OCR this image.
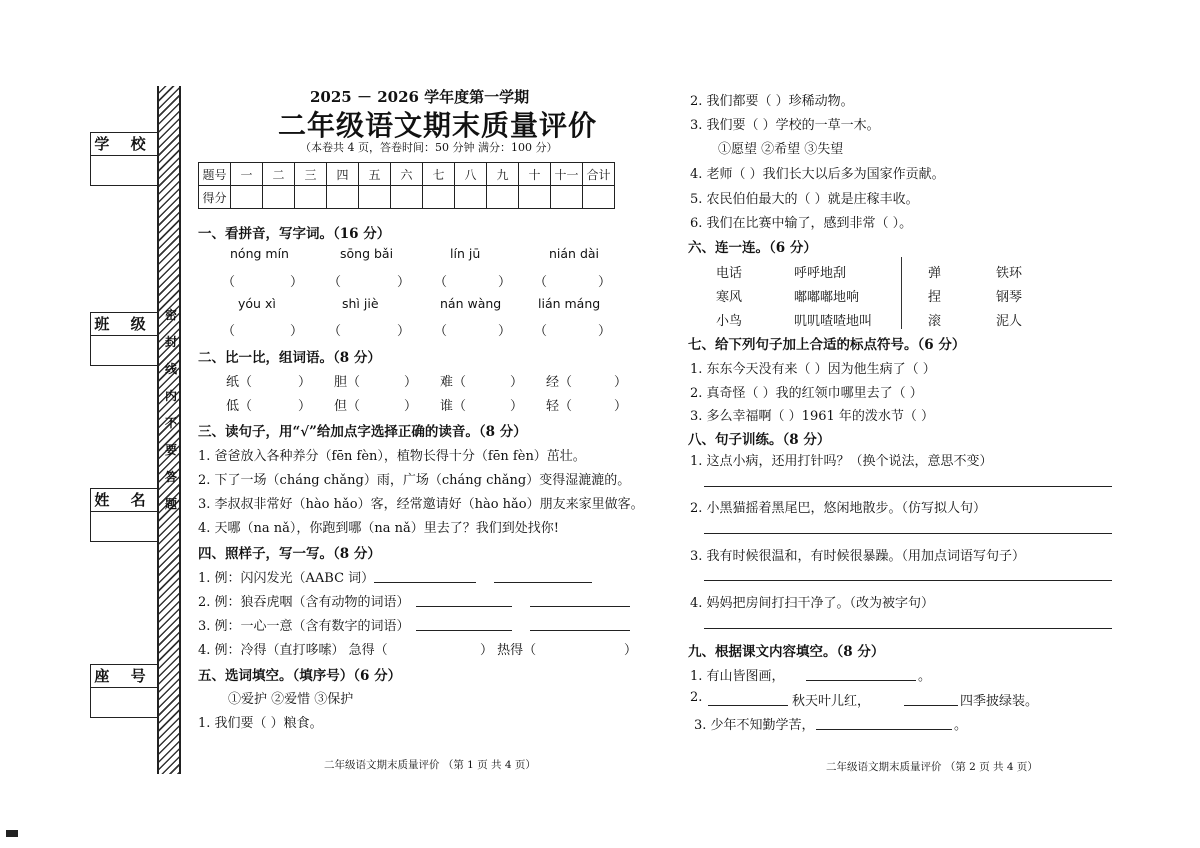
密
封
线
内
不
要
答
题
学 校
班 级
姓 名
座 号
2025 － 2026 学年度第一学期
二年级语文期末质量评价
（本卷共 4 页，答卷时间：50 分钟 满分：100 分）
题号	一	二	三	四	五	六	七	八	九	十	十一	合计
得分												
一、看拼音，写字词。（16 分）
nóng mín	sōng bǎi	lín jū	nián dài
（	） （	） （	） （	）
yóu xì	shì jiè	nán wàng	lián máng
（	） （	） （	） （	）
二、比一比，组词语。（8 分）
纸（	） 胆（	） 难（	） 经（	）
低（	） 但（	） 谁（	） 轻（	）
三、读句子，用“√”给加点字选择正确的读音。（8 分）
1. 爸爸放入各种养分（fēn fèn），植物长得十分（fēn fèn）茁壮。
2. 下了一场（cháng chǎng）雨，广场（cháng chǎng）变得湿漉漉的。
3. 李叔叔非常好（hào hǎo）客，经常邀请好（hào hǎo）朋友来家里做客。
4. 天哪（na nǎ），你跑到哪（na nǎ）里去了？我们到处找你!
四、照样子，写一写。（8 分）
1. 例：闪闪发光（AABC 词）
2. 例：狼吞虎咽（含有动物的词语）
3. 例：一心一意（含有数字的词语）
4. 例：冷得（直打哆嗦） 急得（	） 热得（	）
五、选词填空。（填序号）（6 分）
①爱护 ②爱惜 ③保护
1. 我们要（ ）粮食。
二年级语文期末质量评价 （第 1 页 共 4 页）
2. 我们都要（ ）珍稀动物。
3. 我们要（ ）学校的一草一木。
①愿望 ②希望 ③失望
4. 老师（ ）我们长大以后多为国家作贡献。
5. 农民伯伯最大的（ ）就是庄稼丰收。
6. 我们在比赛中输了，感到非常（ ）。
六、连一连。（6 分）
电话	呼呼地刮
寒风	嘟嘟嘟地响
小鸟	叽叽喳喳地叫
弹	铁环
捏	钢琴
滚	泥人
七、给下列句子加上合适的标点符号。（6 分）
1. 东东今天没有来（ ）因为他生病了（ ）
2. 真奇怪（ ）我的红领巾哪里去了（ ）
3. 多么幸福啊（ ）1961 年的泼水节（ ）
八、句子训练。（8 分）
1. 这点小病，还用打针吗？（换个说法，意思不变）
2. 小黑猫摇着黑尾巴，悠闲地散步。（仿写拟人句）
3. 我有时候很温和，有时候很暴躁。（用加点词语写句子）
4. 妈妈把房间打扫干净了。（改为被字句）
九、根据课文内容填空。（8 分）
1. 有山皆图画，	。
2.	秋天叶儿红，	四季披绿装。
3. 少年不知勤学苦，	。
二年级语文期末质量评价 （第 2 页 共 4 页）
